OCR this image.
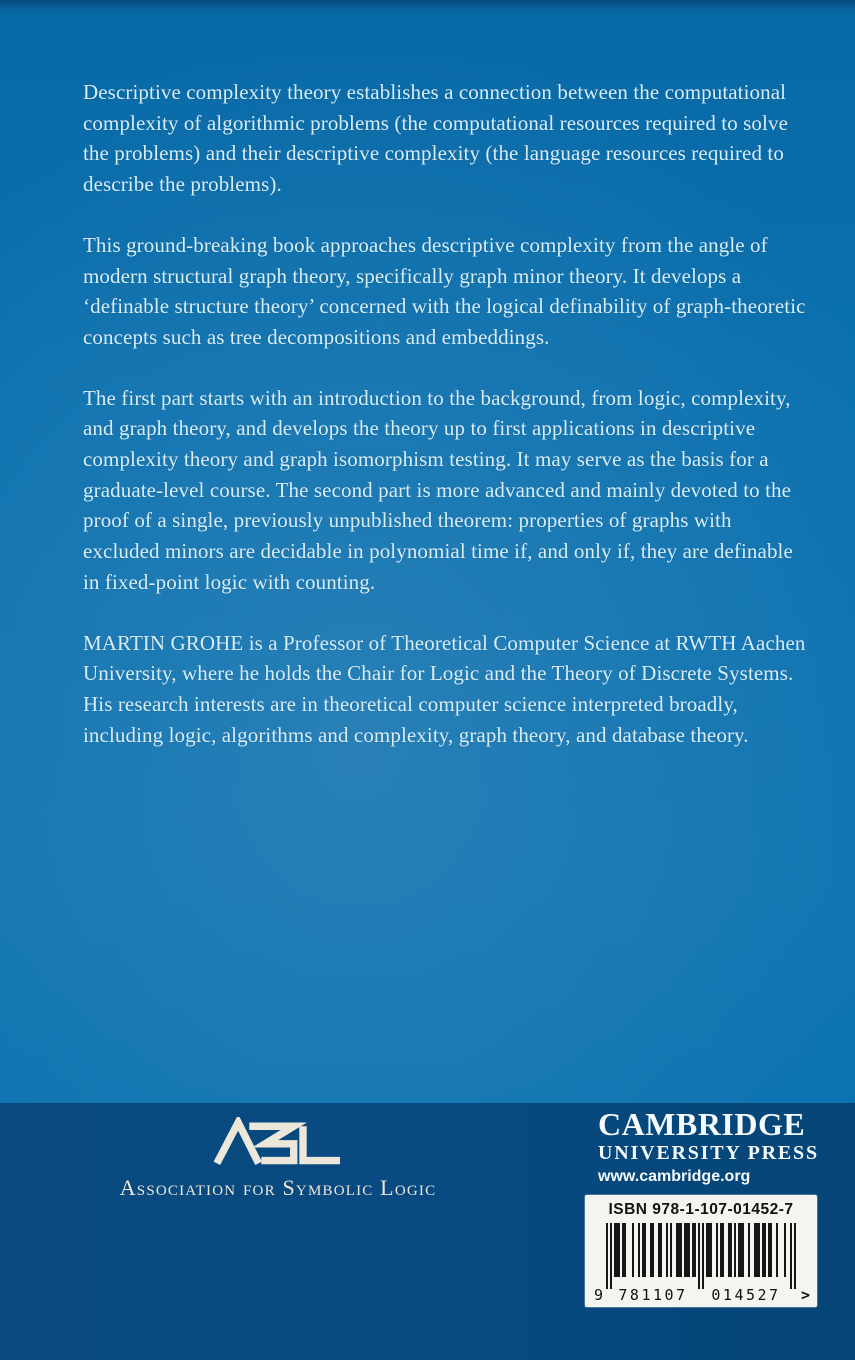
Descriptive complexity theory establishes a connection between the computational complexity of algorithmic problems (the computational resources required to solve the problems) and their descriptive complexity (the language resources required to describe the problems).

This ground-breaking book approaches descriptive complexity from the angle of modern structural graph theory, specifically graph minor theory. It develops a ‘definable structure theory’ concerned with the logical definability of graph-theoretic concepts such as tree decompositions and embeddings.

The first part starts with an introduction to the background, from logic, complexity, and graph theory, and develops the theory up to first applications in descriptive complexity theory and graph isomorphism testing. It may serve as the basis for a graduate-level course. The second part is more advanced and mainly devoted to the proof of a single, previously unpublished theorem: properties of graphs with excluded minors are decidable in polynomial time if, and only if, they are definable in fixed-point logic with counting.

MARTIN GROHE is a Professor of Theoretical Computer Science at RWTH Aachen University, where he holds the Chair for Logic and the Theory of Discrete Systems. His research interests are in theoretical computer science interpreted broadly, including logic, algorithms and complexity, graph theory, and database theory.

Association for Symbolic Logic
CAMBRIDGE
UNIVERSITY PRESS
www.cambridge.org
ISBN 978-1-107-01452-7
9 781107	014527	>
